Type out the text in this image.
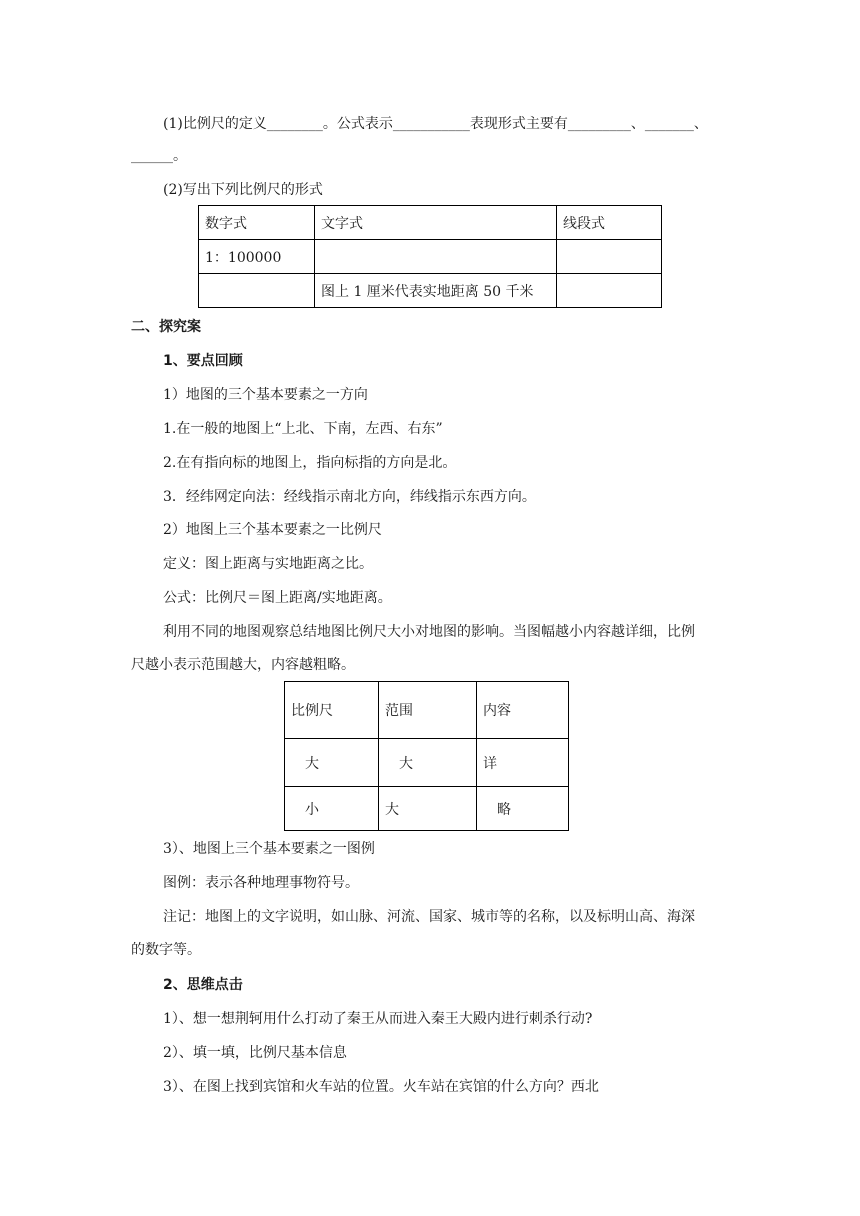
(1)比例尺的定义________。公式表示___________表现形式主要有_________、_______、
______。
(2)写出下列比例尺的形式
数字式	文字式	线段式
1：100000		
	图上 1 厘米代表实地距离 50 千米	
二、探究案
1、要点回顾
1）地图的三个基本要素之一方向
1.在一般的地图上“上北、下南，左西、右东”
2.在有指向标的地图上，指向标指的方向是北。
3．经纬网定向法：经线指示南北方向，纬线指示东西方向。
2）地图上三个基本要素之一比例尺
定义：图上距离与实地距离之比。
公式：比例尺＝图上距离/实地距离。
利用不同的地图观察总结地图比例尺大小对地图的影响。当图幅越小内容越详细，比例
尺越小表示范围越大，内容越粗略。
比例尺	范围	内容
大	大	详
小	大	略
3）、地图上三个基本要素之一图例
图例：表示各种地理事物符号。
注记：地图上的文字说明，如山脉、河流、国家、城市等的名称，以及标明山高、海深
的数字等。
2、思维点击
1）、想一想荆轲用什么打动了秦王从而进入秦王大殿内进行刺杀行动?
2）、填一填，比例尺基本信息
3）、在图上找到宾馆和火车站的位置。火车站在宾馆的什么方向？西北
